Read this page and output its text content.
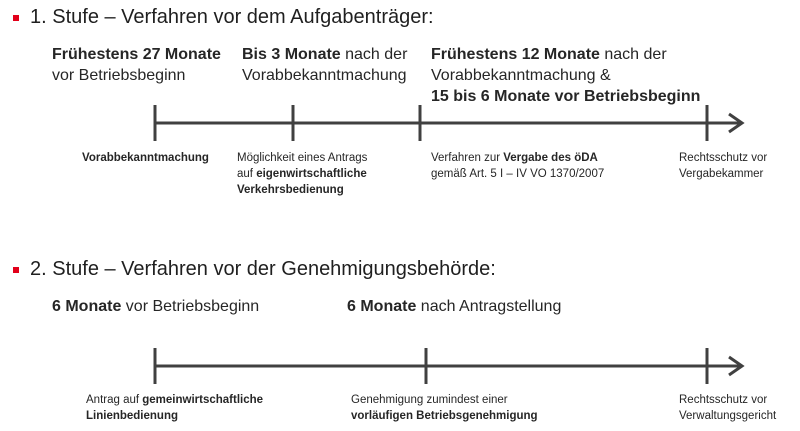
1. Stufe – Verfahren vor dem Aufgabenträger:
Frühestens 27 Monate
vor Betriebsbeginn
Bis 3 Monate nach der
Vorabbekanntmachung
Frühestens 12 Monate nach der
Vorabbekanntmachung &
15 bis 6 Monate vor Betriebsbeginn
Vorabbekanntmachung Möglichkeit eines Antrags
auf eigenwirtschaftliche
Verkehrsbedienung
Verfahren zur Vergabe des öDA
gemäß Art. 5 I – IV VO 1370/2007
Rechtsschutz vor
Vergabekammer
2. Stufe – Verfahren vor der Genehmigungsbehörde:
6 Monate vor Betriebsbeginn	6 Monate nach Antragstellung
Antrag auf gemeinwirtschaftliche
Linienbedienung
Genehmigung zumindest einer
vorläufigen Betriebsgenehmigung
Rechtsschutz vor
Verwaltungsgericht
